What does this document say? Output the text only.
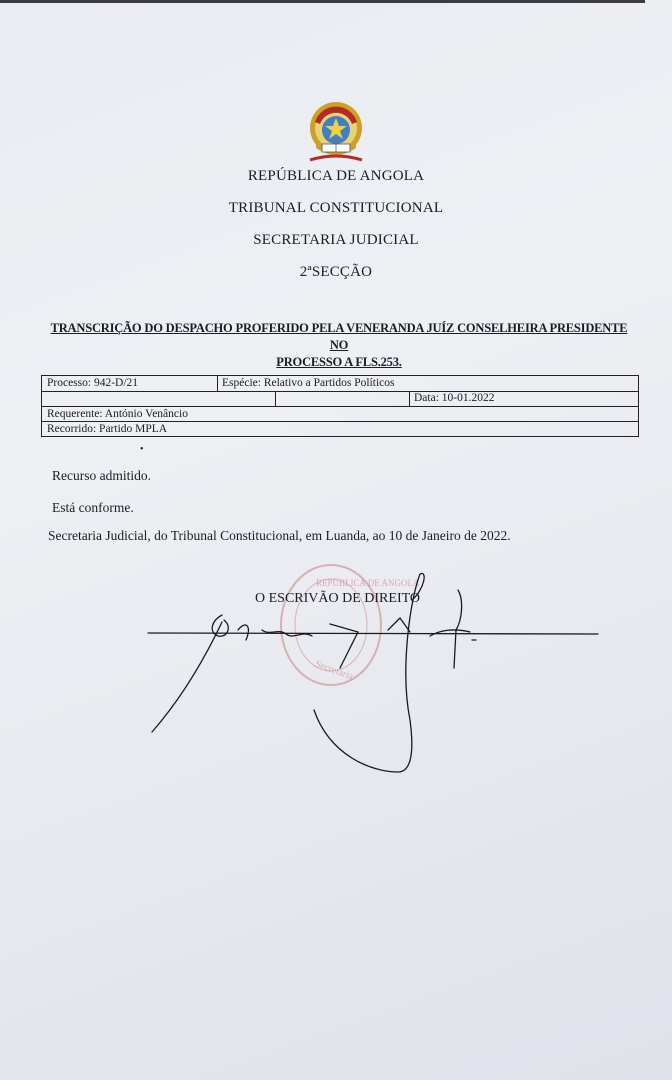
REPÚBLICA DE ANGOLA
TRIBUNAL CONSTITUCIONAL
SECRETARIA JUDICIAL
2ªSECÇÃO
TRANSCRIÇÃO DO DESPACHO PROFERIDO PELA VENERANDA JUÍZ CONSELHEIRA PRESIDENTE NO
PROCESSO A FLS.253.
Processo: 942-D/21	Espécie: Relativo a Partidos Políticos
Data: 10-01.2022
Requerente: António Venâncio
Recorrido: Partido MPLA
•
Recurso admitido.
Está conforme.
Secretaria Judicial, do Tribunal Constitucional, em Luanda, ao 10 de Janeiro de 2022.
REPÚBLICA DE ANGOLA
Secretaria
O ESCRIVÃO DE DIREITO
